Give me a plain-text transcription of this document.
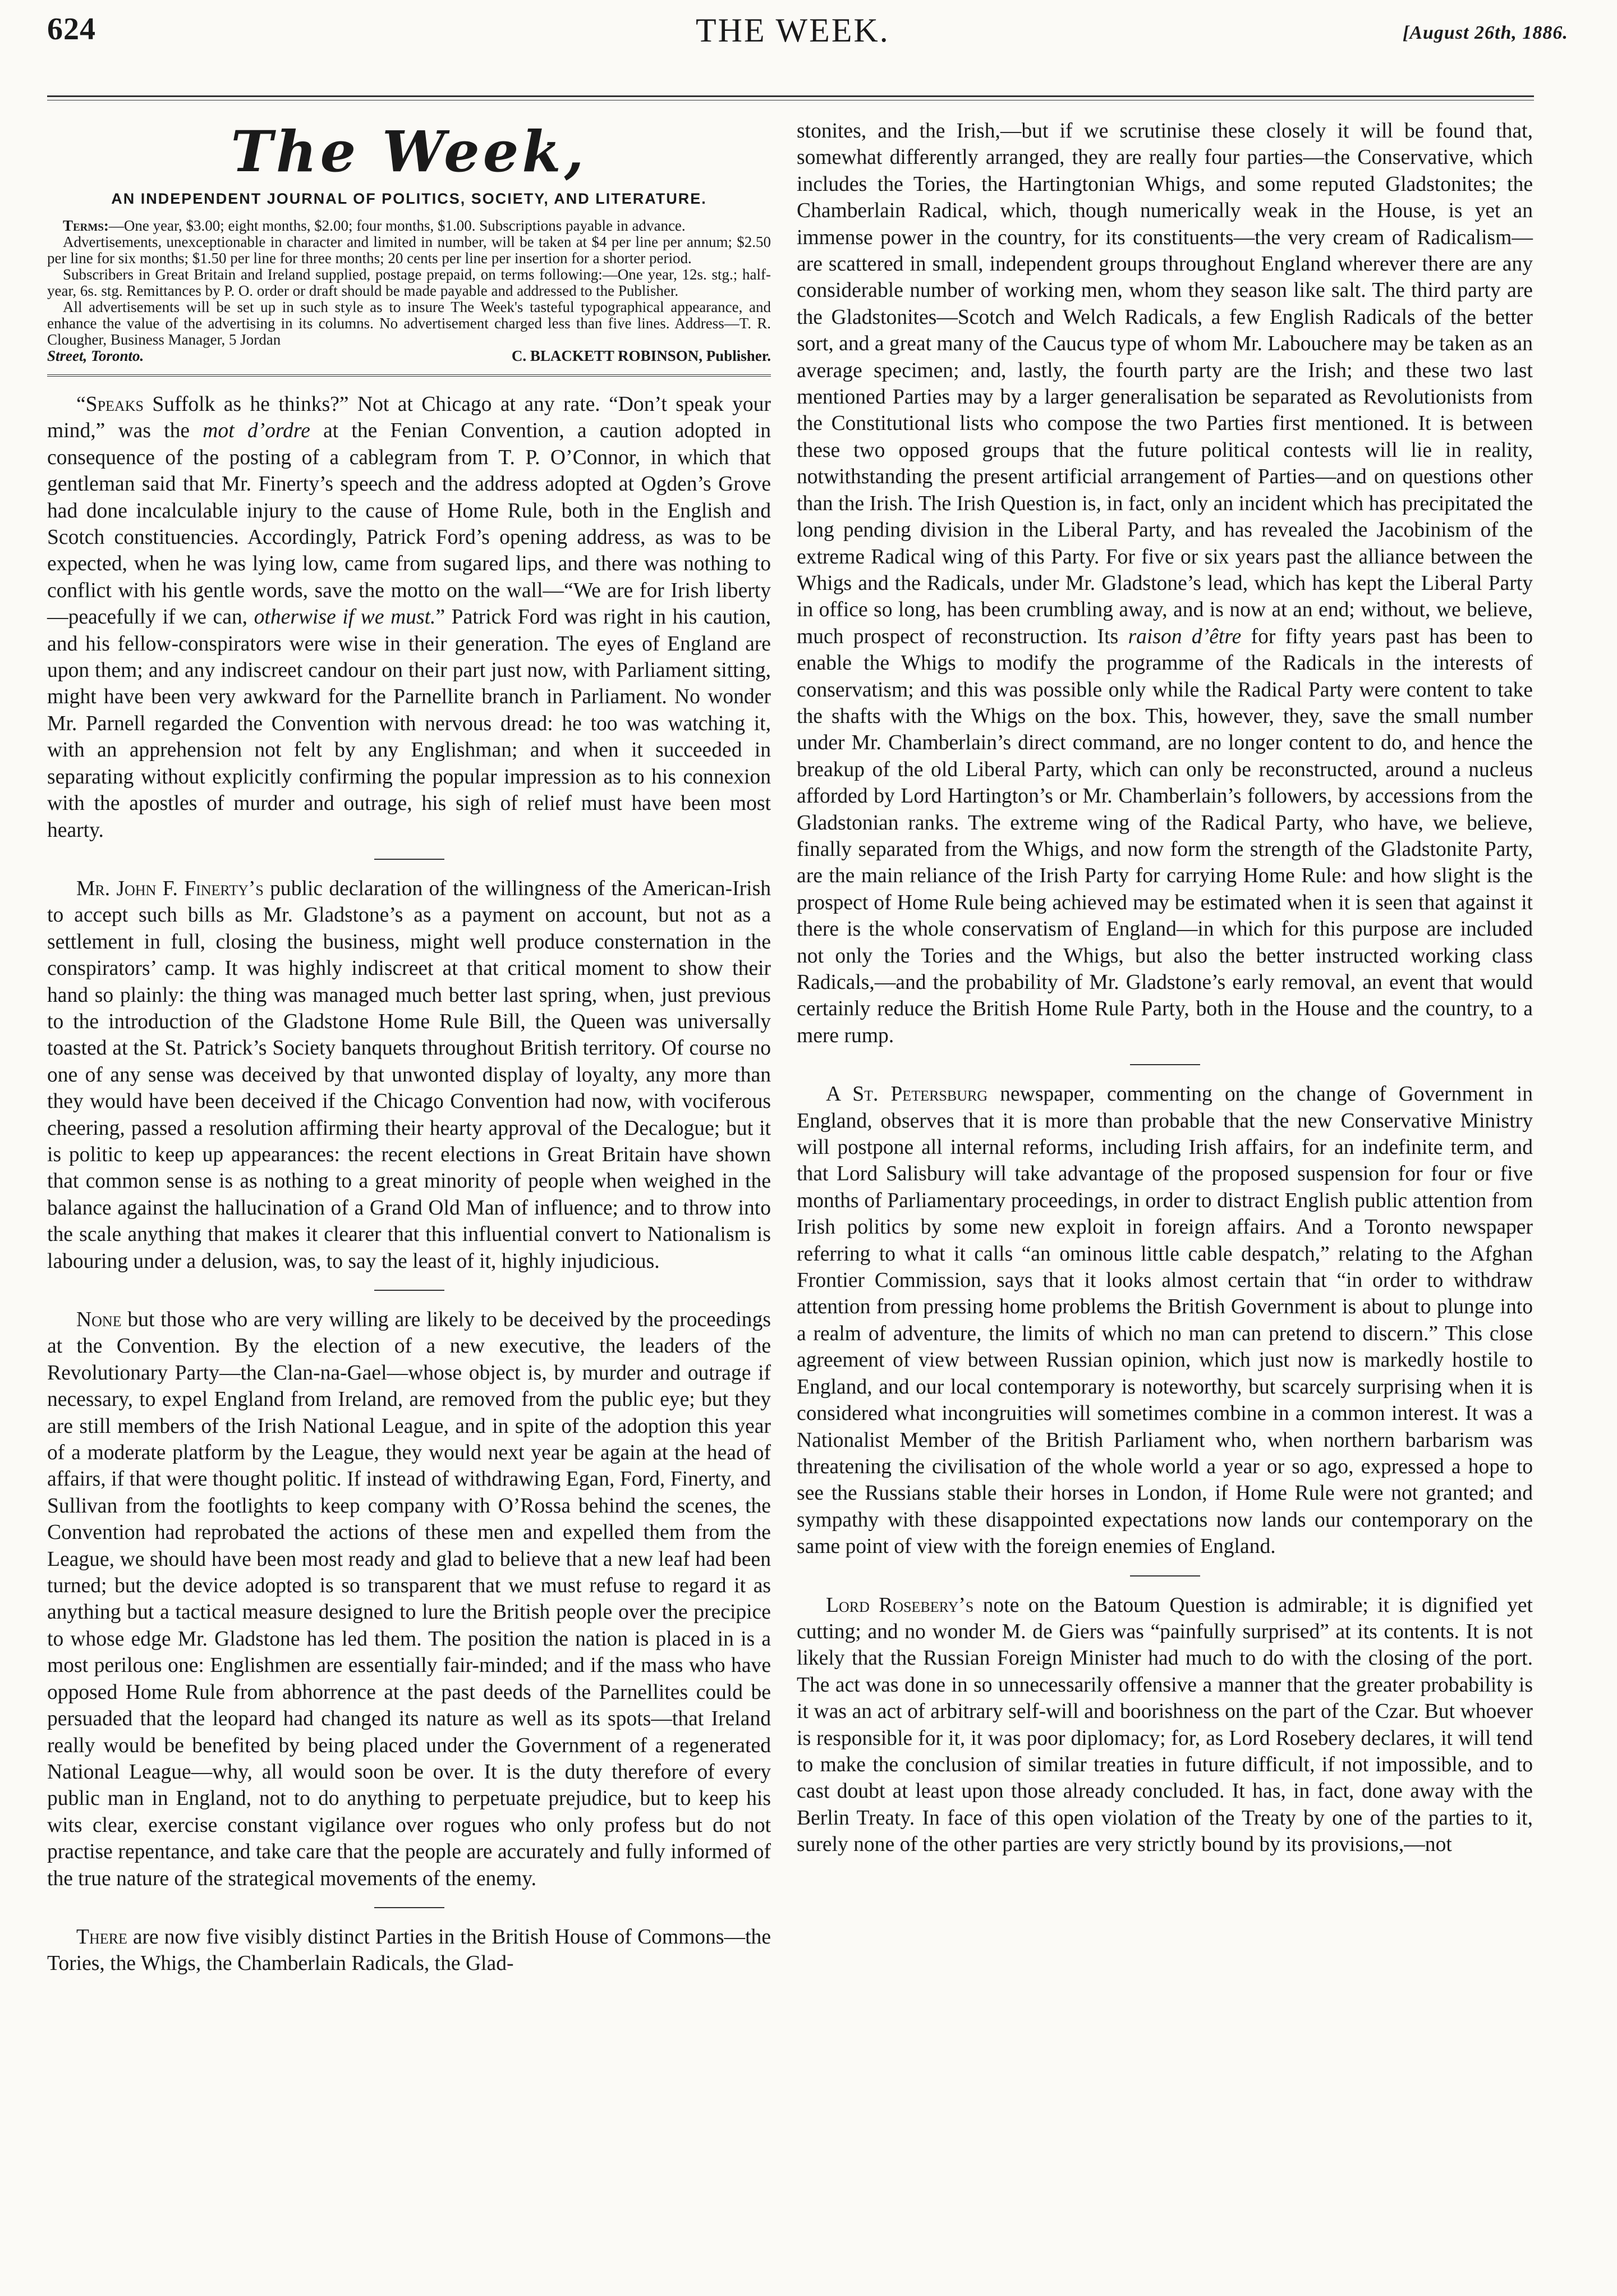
624	THE WEEK.	[August 26th, 1886.
The Week,
AN INDEPENDENT JOURNAL OF POLITICS, SOCIETY, AND LITERATURE.

Terms:—One year, $3.00; eight months, $2.00; four months, $1.00. Subscriptions payable in advance.

Advertisements, unexceptionable in character and limited in number, will be taken at $4 per line per annum; $2.50 per line for six months; $1.50 per line for three months; 20 cents per line per insertion for a shorter period.

Subscribers in Great Britain and Ireland supplied, postage prepaid, on terms following:—One year, 12s. stg.; half-year, 6s. stg. Remittances by P. O. order or draft should be made payable and addressed to the Publisher.

All advertisements will be set up in such style as to insure The Week's tasteful typographical appearance, and enhance the value of the advertising in its columns. No advertisement charged less than five lines. Address—T. R. Clougher, Business Manager, 5 Jordan

Street, Toronto.	C. BLACKETT ROBINSON, Publisher.

“Speaks Suffolk as he thinks?” Not at Chicago at any rate. “Don’t speak your mind,” was the mot d’ordre at the Fenian Convention, a caution adopted in consequence of the posting of a cablegram from T. P. O’Connor, in which that gentleman said that Mr. Finerty’s speech and the address adopted at Ogden’s Grove had done incalculable injury to the cause of Home Rule, both in the English and Scotch constituencies. Accordingly, Patrick Ford’s opening address, as was to be expected, when he was lying low, came from sugared lips, and there was nothing to conflict with his gentle words, save the motto on the wall—“We are for Irish liberty—peacefully if we can, otherwise if we must.” Patrick Ford was right in his caution, and his fellow-conspirators were wise in their generation. The eyes of England are upon them; and any indiscreet candour on their part just now, with Parliament sitting, might have been very awkward for the Parnellite branch in Parliament. No wonder Mr. Parnell regarded the Convention with nervous dread: he too was watching it, with an apprehension not felt by any Englishman; and when it succeeded in separating without explicitly confirming the popular impression as to his connexion with the apostles of murder and outrage, his sigh of relief must have been most hearty.

Mr. John F. Finerty’s public declaration of the willingness of the American-Irish to accept such bills as Mr. Gladstone’s as a payment on account, but not as a settlement in full, closing the business, might well produce consternation in the conspirators’ camp. It was highly indiscreet at that critical moment to show their hand so plainly: the thing was managed much better last spring, when, just previous to the introduction of the Gladstone Home Rule Bill, the Queen was universally toasted at the St. Patrick’s Society banquets throughout British territory. Of course no one of any sense was deceived by that unwonted display of loyalty, any more than they would have been deceived if the Chicago Convention had now, with vociferous cheering, passed a resolution affirming their hearty approval of the Decalogue; but it is politic to keep up appearances: the recent elections in Great Britain have shown that common sense is as nothing to a great minority of people when weighed in the balance against the hallucination of a Grand Old Man of influence; and to throw into the scale anything that makes it clearer that this influential convert to Nationalism is labouring under a delusion, was, to say the least of it, highly injudicious.

None but those who are very willing are likely to be deceived by the proceedings at the Convention. By the election of a new executive, the leaders of the Revolutionary Party—the Clan-na-Gael—whose object is, by murder and outrage if necessary, to expel England from Ireland, are removed from the public eye; but they are still members of the Irish National League, and in spite of the adoption this year of a moderate platform by the League, they would next year be again at the head of affairs, if that were thought politic. If instead of withdrawing Egan, Ford, Finerty, and Sullivan from the footlights to keep company with O’Rossa behind the scenes, the Convention had reprobated the actions of these men and expelled them from the League, we should have been most ready and glad to believe that a new leaf had been turned; but the device adopted is so transparent that we must refuse to regard it as anything but a tactical measure designed to lure the British people over the precipice to whose edge Mr. Gladstone has led them. The position the nation is placed in is a most perilous one: Englishmen are essentially fair-minded; and if the mass who have opposed Home Rule from abhorrence at the past deeds of the Parnellites could be persuaded that the leopard had changed its nature as well as its spots—that Ireland really would be benefited by being placed under the Government of a regenerated National League—why, all would soon be over. It is the duty therefore of every public man in England, not to do anything to perpetuate prejudice, but to keep his wits clear, exercise constant vigilance over rogues who only profess but do not practise repentance, and take care that the people are accurately and fully informed of the true nature of the strategical movements of the enemy.

There are now five visibly distinct Parties in the British House of Commons—the Tories, the Whigs, the Chamberlain Radicals, the Glad-

stonites, and the Irish,—but if we scrutinise these closely it will be found that, somewhat differently arranged, they are really four parties—the Conservative, which includes the Tories, the Hartingtonian Whigs, and some reputed Gladstonites; the Chamberlain Radical, which, though numerically weak in the House, is yet an immense power in the country, for its constituents—the very cream of Radicalism—are scattered in small, independent groups throughout England wherever there are any considerable number of working men, whom they season like salt. The third party are the Gladstonites—Scotch and Welch Radicals, a few English Radicals of the better sort, and a great many of the Caucus type of whom Mr. Labouchere may be taken as an average specimen; and, lastly, the fourth party are the Irish; and these two last mentioned Parties may by a larger generalisation be separated as Revolutionists from the Constitutional lists who compose the two Parties first mentioned. It is between these two opposed groups that the future political contests will lie in reality, notwithstanding the present artificial arrangement of Parties—and on questions other than the Irish. The Irish Question is, in fact, only an incident which has precipitated the long pending division in the Liberal Party, and has revealed the Jacobinism of the extreme Radical wing of this Party. For five or six years past the alliance between the Whigs and the Radicals, under Mr. Gladstone’s lead, which has kept the Liberal Party in office so long, has been crumbling away, and is now at an end; without, we believe, much prospect of reconstruction. Its raison d’être for fifty years past has been to enable the Whigs to modify the programme of the Radicals in the interests of conservatism; and this was possible only while the Radical Party were content to take the shafts with the Whigs on the box. This, however, they, save the small number under Mr. Chamberlain’s direct command, are no longer content to do, and hence the breakup of the old Liberal Party, which can only be reconstructed, around a nucleus afforded by Lord Hartington’s or Mr. Chamberlain’s followers, by accessions from the Gladstonian ranks. The extreme wing of the Radical Party, who have, we believe, finally separated from the Whigs, and now form the strength of the Gladstonite Party, are the main reliance of the Irish Party for carrying Home Rule: and how slight is the prospect of Home Rule being achieved may be estimated when it is seen that against it there is the whole conservatism of England—in which for this purpose are included not only the Tories and the Whigs, but also the better instructed working class Radicals,—and the probability of Mr. Gladstone’s early removal, an event that would certainly reduce the British Home Rule Party, both in the House and the country, to a mere rump.

A St. Petersburg newspaper, commenting on the change of Government in England, observes that it is more than probable that the new Conservative Ministry will postpone all internal reforms, including Irish affairs, for an indefinite term, and that Lord Salisbury will take advantage of the proposed suspension for four or five months of Parliamentary proceedings, in order to distract English public attention from Irish politics by some new exploit in foreign affairs. And a Toronto newspaper referring to what it calls “an ominous little cable despatch,” relating to the Afghan Frontier Commission, says that it looks almost certain that “in order to withdraw attention from pressing home problems the British Government is about to plunge into a realm of adventure, the limits of which no man can pretend to discern.” This close agreement of view between Russian opinion, which just now is markedly hostile to England, and our local contemporary is noteworthy, but scarcely surprising when it is considered what incongruities will sometimes combine in a common interest. It was a Nationalist Member of the British Parliament who, when northern barbarism was threatening the civilisation of the whole world a year or so ago, expressed a hope to see the Russians stable their horses in London, if Home Rule were not granted; and sympathy with these disappointed expectations now lands our contemporary on the same point of view with the foreign enemies of England.

Lord Rosebery’s note on the Batoum Question is admirable; it is dignified yet cutting; and no wonder M. de Giers was “painfully surprised” at its contents. It is not likely that the Russian Foreign Minister had much to do with the closing of the port. The act was done in so unnecessarily offensive a manner that the greater probability is it was an act of arbitrary self-will and boorishness on the part of the Czar. But whoever is responsible for it, it was poor diplomacy; for, as Lord Rosebery declares, it will tend to make the conclusion of similar treaties in future difficult, if not impossible, and to cast doubt at least upon those already concluded. It has, in fact, done away with the Berlin Treaty. In face of this open violation of the Treaty by one of the parties to it, surely none of the other parties are very strictly bound by its provisions,—not
